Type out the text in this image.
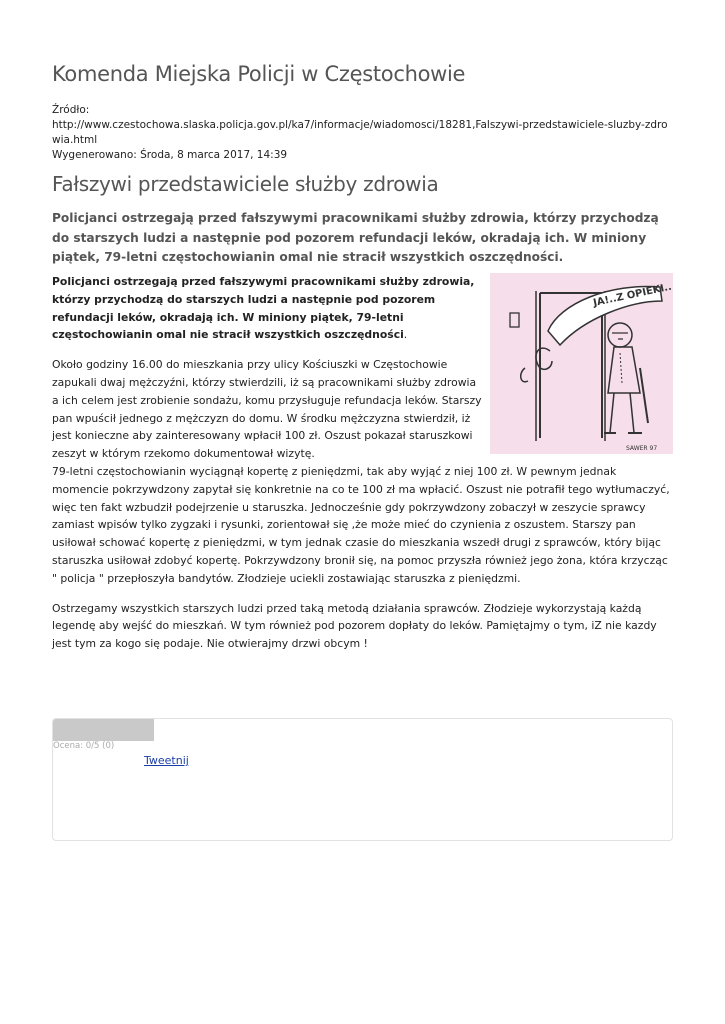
Komenda Miejska Policji w Częstochowie
Źródło:
http://www.czestochowa.slaska.policja.gov.pl/ka7/informacje/wiadomosci/18281,Falszywi-przedstawiciele-sluzby-zdrowia.html
Wygenerowano: Środa, 8 marca 2017, 14:39
Fałszywi przedstawiciele służby zdrowia
Policjanci ostrzegają przed fałszywymi pracownikami służby zdrowia, którzy przychodzą do starszych ludzi a następnie pod pozorem refundacji leków, okradają ich. W miniony piątek, 79-letni częstochowianin omal nie stracił wszystkich oszczędności.
JA!..Z OPIEKI..
SAWER 97

Policjanci ostrzegają przed fałszywymi pracownikami służby zdrowia, którzy przychodzą do starszych ludzi a następnie pod pozorem refundacji leków, okradają ich. W miniony piątek, 79-letni częstochowianin omal nie stracił wszystkich oszczędności.

Około godziny 16.00 do mieszkania przy ulicy Kościuszki w Częstochowie zapukali dwaj mężczyźni, którzy stwierdzili, iż są pracownikami służby zdrowia a ich celem jest zrobienie sondażu, komu przysługuje refundacja leków. Starszy pan wpuścił jednego z mężczyzn do domu. W środku mężczyzna stwierdził, iż jest konieczne aby zainteresowany wpłacił 100 zł. Oszust pokazał staruszkowi zeszyt w którym rzekomo dokumentował wizytę.

79-letni częstochowianin wyciągnął kopertę z pieniędzmi, tak aby wyjąć z niej 100 zł. W pewnym jednak momencie pokrzywdzony zapytał się konkretnie na co te 100 zł ma wpłacić. Oszust nie potrafił tego wytłumaczyć, więc ten fakt wzbudził podejrzenie u staruszka. Jednocześnie gdy pokrzywdzony zobaczył w zeszycie sprawcy zamiast wpisów tylko zygzaki i rysunki, zorientował się ,że może mieć do czynienia z oszustem. Starszy pan usiłował schować kopertę z pieniędzmi, w tym jednak czasie do mieszkania wszedł drugi z sprawców, który bijąc staruszka usiłował zdobyć kopertę. Pokrzywdzony bronił się, na pomoc przyszła również jego żona, która krzycząc " policja " przepłoszyła bandytów. Złodzieje uciekli zostawiając staruszka z pieniędzmi.

Ostrzegamy wszystkich starszych ludzi przed taką metodą działania sprawców. Złodzieje wykorzystają każdą legendę aby wejść do mieszkań. W tym również pod pozorem dopłaty do leków. Pamiętajmy o tym, iZ nie kazdy jest tym za kogo się podaje. Nie otwierajmy drzwi obcym !

Ocena: 0/5 (0)
Tweetnij
